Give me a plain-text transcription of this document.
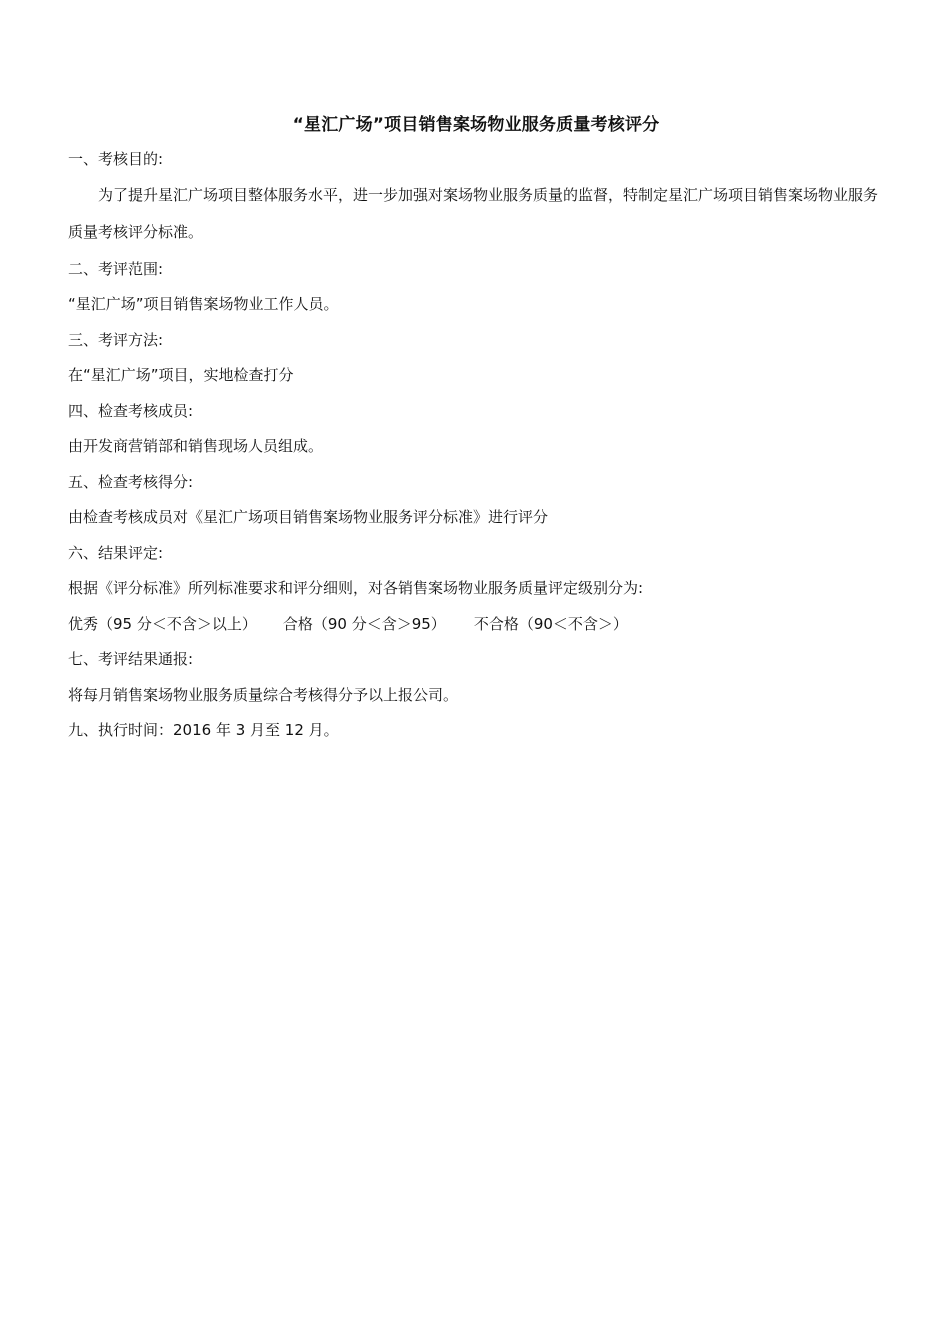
“星汇广场”项目销售案场物业服务质量考核评分
一、考核目的:
为了提升星汇广场项目整体服务水平，进一步加强对案场物业服务质量的监督，特制定星汇广场项目销售案场物业服务质量考核评分标准。
二、考评范围:
“星汇广场”项目销售案场物业工作人员。
三、考评方法:
在“星汇广场”项目，实地检查打分
四、检查考核成员:
由开发商营销部和销售现场人员组成。
五、检查考核得分:
由检查考核成员对《星汇广场项目销售案场物业服务评分标准》进行评分
六、结果评定:
根据《评分标准》所列标准要求和评分细则，对各销售案场物业服务质量评定级别分为:
优秀（95 分＜不含＞以上） 合格（90 分＜含＞95） 不合格（90＜不含＞）
七、考评结果通报:
将每月销售案场物业服务质量综合考核得分予以上报公司。
九、执行时间：2016 年 3 月至 12 月。
